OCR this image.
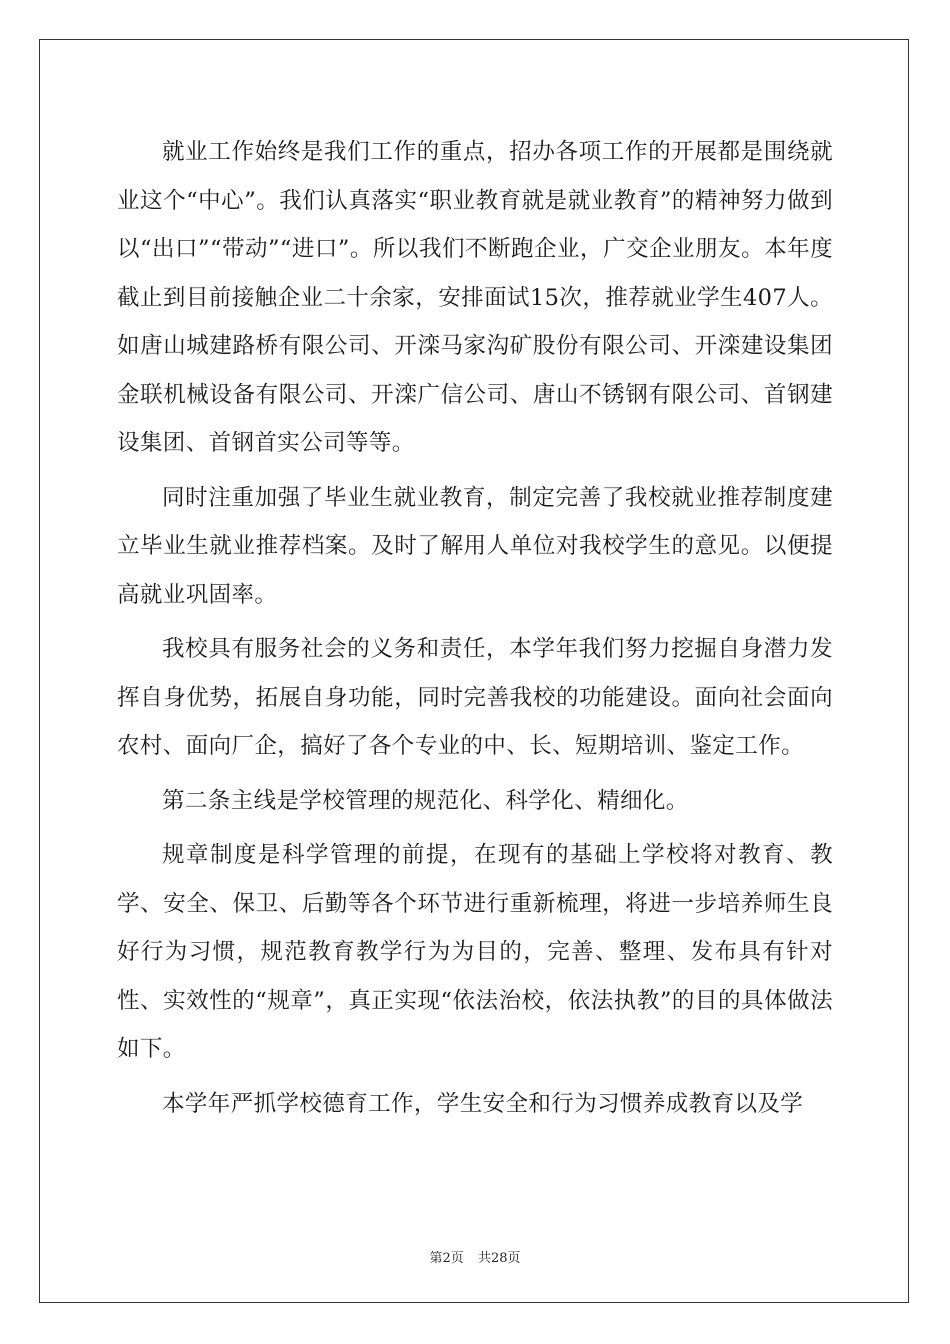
就业工作始终是我们工作的重点，招办各项工作的开展都是围绕就业这个“中心”。我们认真落实“职业教育就是就业教育”的精神努力做到以“出口”“带动”“进口”。所以我们不断跑企业，广交企业朋友。本年度截止到目前接触企业二十余家，安排面试15次，推荐就业学生407人。如唐山城建路桥有限公司、开滦马家沟矿股份有限公司、开滦建设集团金联机械设备有限公司、开滦广信公司、唐山不锈钢有限公司、首钢建设集团、首钢首实公司等等。

同时注重加强了毕业生就业教育，制定完善了我校就业推荐制度建立毕业生就业推荐档案。及时了解用人单位对我校学生的意见。以便提高就业巩固率。

我校具有服务社会的义务和责任，本学年我们努力挖掘自身潜力发挥自身优势，拓展自身功能，同时完善我校的功能建设。面向社会面向农村、面向厂企，搞好了各个专业的中、长、短期培训、鉴定工作。

第二条主线是学校管理的规范化、科学化、精细化。

规章制度是科学管理的前提，在现有的基础上学校将对教育、教学、安全、保卫、后勤等各个环节进行重新梳理，将进一步培养师生良好行为习惯，规范教育教学行为为目的，完善、整理、发布具有针对性、实效性的“规章”，真正实现“依法治校，依法执教”的目的具体做法如下。

本学年严抓学校德育工作，学生安全和行为习惯养成教育以及学

第2页 共28页
